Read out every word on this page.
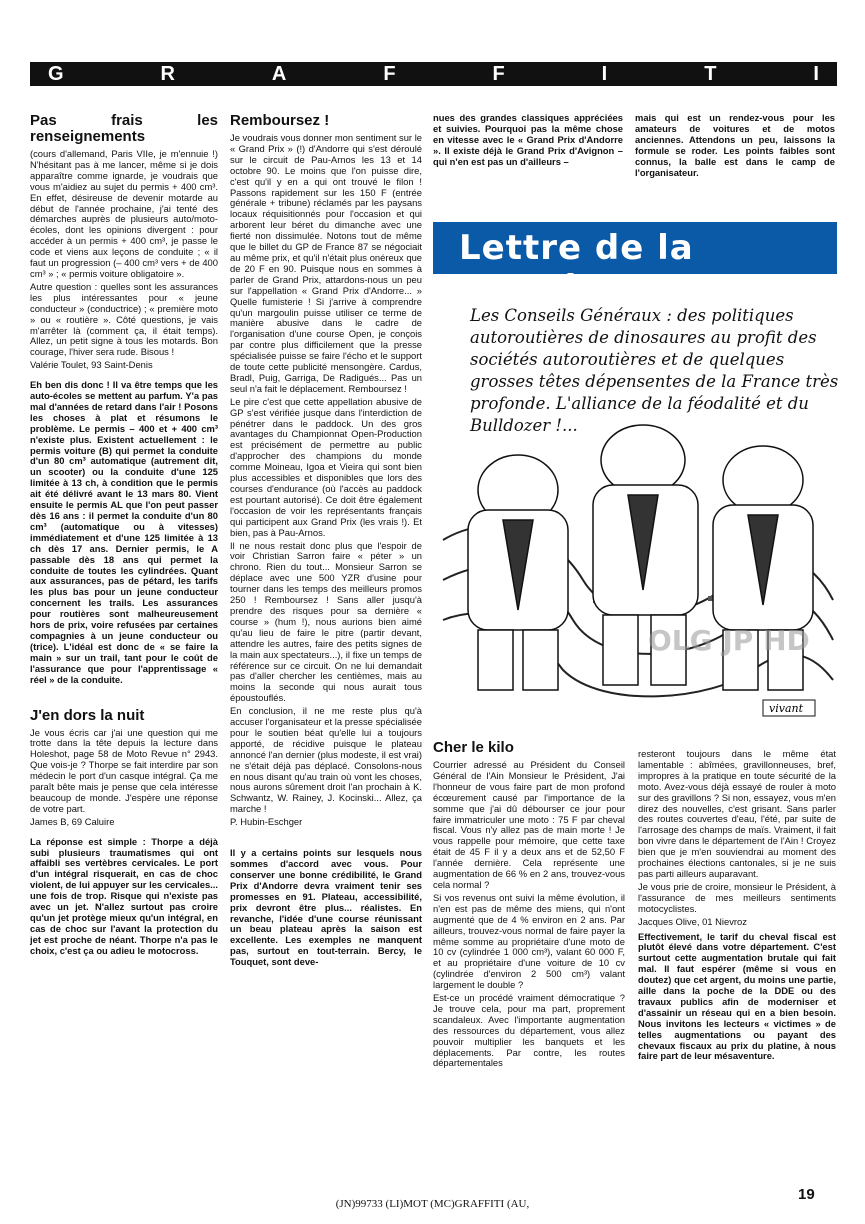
G	R	A	F	F	I	T	I
Pas frais les renseignements

(cours d'allemand, Paris VIIe, je m'ennuie !) N'hésitant pas à me lancer, même si je dois apparaître comme ignarde, je voudrais que vous m'aidiez au sujet du permis + 400 cm³. En effet, désireuse de devenir motarde au début de l'année prochaine, j'ai tenté des démarches auprès de plusieurs auto/moto-écoles, dont les opinions divergent : pour accéder à un permis + 400 cm³, je passe le code et viens aux leçons de conduite ; « il faut un progression (– 400 cm³ vers + de 400 cm³ » ; « permis voiture obligatoire ».

Autre question : quelles sont les assurances les plus intéressantes pour « jeune conducteur » (conductrice) ; « première moto » ou « routière ». Côté questions, je vais m'arrêter là (comment ça, il était temps). Allez, un petit signe à tous les motards. Bon courage, l'hiver sera rude. Bisous !

Valérie Toulet, 93 Saint-Denis

Eh ben dis donc ! Il va être temps que les auto-écoles se mettent au parfum. Y'a pas mal d'années de retard dans l'air ! Posons les choses à plat et résumons le problème. Le permis – 400 et + 400 cm³ n'existe plus. Existent actuellement : le permis voiture (B) qui permet la conduite d'un 80 cm³ automatique (autrement dit, un scooter) ou la conduite d'une 125 limitée à 13 ch, à condition que le permis ait été délivré avant le 13 mars 80. Vient ensuite le permis AL que l'on peut passer dès 16 ans : il permet la conduite d'un 80 cm³ (automatique ou à vitesses) immédiatement et d'une 125 limitée à 13 ch dès 17 ans. Dernier permis, le A passable dès 18 ans qui permet la conduite de toutes les cylindrées. Quant aux assurances, pas de pétard, les tarifs les plus bas pour un jeune conducteur concernent les trails. Les assurances pour routières sont malheureusement hors de prix, voire refusées par certaines compagnies à un jeune conducteur ou (trice). L'idéal est donc de « se faire la main » sur un trail, tant pour le coût de l'assurance que pour l'apprentissage « réel » de la conduite.

J'en dors la nuit

Je vous écris car j'ai une question qui me trotte dans la tête depuis la lecture dans Holeshot, page 58 de Moto Revue n° 2943. Que vois-je ? Thorpe se fait interdire par son médecin le port d'un casque intégral. Ça me paraît bête mais je pense que cela intéresse beaucoup de monde. J'espère une réponse de votre part.

James B, 69 Caluire

La réponse est simple : Thorpe a déjà subi plusieurs traumatismes qui ont affaibli ses vertèbres cervicales. Le port d'un intégral risquerait, en cas de choc violent, de lui appuyer sur les cervicales... une fois de trop. Risque qui n'existe pas avec un jet. N'allez surtout pas croire qu'un jet protège mieux qu'un intégral, en cas de choc sur l'avant la protection du jet est proche de néant. Thorpe n'a pas le choix, c'est ça ou adieu le motocross.

Remboursez !

Je voudrais vous donner mon sentiment sur le « Grand Prix » (!) d'Andorre qui s'est déroulé sur le circuit de Pau-Arnos les 13 et 14 octobre 90. Le moins que l'on puisse dire, c'est qu'il y en a qui ont trouvé le filon ! Passons rapidement sur les 150 F (entrée générale + tribune) réclamés par les paysans locaux réquisitionnés pour l'occasion et qui arborent leur béret du dimanche avec une fierté non dissimulée. Notons tout de même que le billet du GP de France 87 se négociait au même prix, et qu'il n'était plus onéreux que de 20 F en 90. Puisque nous en sommes à parler de Grand Prix, attardons-nous un peu sur l'appellation « Grand Prix d'Andorre... » Quelle fumisterie ! Si j'arrive à comprendre qu'un margoulin puisse utiliser ce terme de manière abusive dans le cadre de l'organisation d'une course Open, je conçois par contre plus difficilement que la presse spécialisée puisse se faire l'écho et le support de toute cette publicité mensongère. Cardus, Bradl, Puig, Garriga, De Radigués... Pas un seul n'a fait le déplacement. Remboursez !

Le pire c'est que cette appellation abusive de GP s'est vérifiée jusque dans l'interdiction de pénétrer dans le paddock. Un des gros avantages du Championnat Open-Production est précisément de permettre au public d'approcher des champions du monde comme Moineau, Igoa et Vieira qui sont bien plus accessibles et disponibles que lors des courses d'endurance (où l'accès au paddock est pourtant autorisé). Ce doit être également l'occasion de voir les représentants français qui participent aux Grand Prix (les vrais !). Et bien, pas à Pau-Arnos.

Il ne nous restait donc plus que l'espoir de voir Christian Sarron faire « péter » un chrono. Rien du tout... Monsieur Sarron se déplace avec une 500 YZR d'usine pour tourner dans les temps des meilleurs promos 250 ! Remboursez ! Sans aller jusqu'à prendre des risques pour sa dernière « course » (hum !), nous aurions bien aimé qu'au lieu de faire le pitre (partir devant, attendre les autres, faire des petits signes de la main aux spectateurs...), il fixe un temps de référence sur ce circuit. On ne lui demandait pas d'aller chercher les centièmes, mais au moins la seconde qui nous aurait tous époustouflés.

En conclusion, il ne me reste plus qu'à accuser l'organisateur et la presse spécialisée pour le soutien béat qu'elle lui a toujours apporté, de récidive puisque le plateau annoncé l'an dernier (plus modeste, il est vrai) ne s'était déjà pas déplacé. Consolons-nous en nous disant qu'au train où vont les choses, nous aurons sûrement droit l'an prochain à K. Schwantz, W. Rainey, J. Kocinski... Allez, ça marche !

P. Hubin-Eschger

Il y a certains points sur lesquels nous sommes d'accord avec vous. Pour conserver une bonne crédibilité, le Grand Prix d'Andorre devra vraiment tenir ses promesses en 91. Plateau, accessibilité, prix devront être plus... réalistes. En revanche, l'idée d'une course réunissant un beau plateau après la saison est excellente. Les exemples ne manquent pas, surtout en tout-terrain. Bercy, le Touquet, sont deve-

nues des grandes classiques appréciées et suivies. Pourquoi pas la même chose en vitesse avec le « Grand Prix d'Andorre ». Il existe déjà le Grand Prix d'Avignon – qui n'en est pas un d'ailleurs –

mais qui est un rendez-vous pour les amateurs de voitures et de motos anciennes. Attendons un peu, laissons la formule se roder. Les points faibles sont connus, la balle est dans le camp de l'organisateur.

Lettre de la semaine
OLG JP HD
vivant
Les Conseils Généraux : des politiques autoroutières de dinosaures au profit des sociétés autoroutières et de quelques grosses têtes dépensentes de la France très profonde. L'alliance de la féodalité et du Bulldozer !...
Cher le kilo

Courrier adressé au Président du Conseil Général de l'Ain Monsieur le Président, J'ai l'honneur de vous faire part de mon profond écœurement causé par l'importance de la somme que j'ai dû débourser ce jour pour faire immatriculer une moto : 75 F par cheval fiscal. Vous n'y allez pas de main morte ! Je vous rappelle pour mémoire, que cette taxe était de 45 F il y a deux ans et de 52,50 F l'année dernière. Cela représente une augmentation de 66 % en 2 ans, trouvez-vous cela normal ?

Si vos revenus ont suivi la même évolution, il n'en est pas de même des miens, qui n'ont augmenté que de 4 % environ en 2 ans. Par ailleurs, trouvez-vous normal de faire payer la même somme au propriétaire d'une moto de 10 cv (cylindrée 1 000 cm³), valant 60 000 F, et au propriétaire d'une voiture de 10 cv (cylindrée d'environ 2 500 cm³) valant largement le double ?

Est-ce un procédé vraiment démocratique ? Je trouve cela, pour ma part, proprement scandaleux. Avec l'importante augmentation des ressources du département, vous allez pouvoir multiplier les banquets et les déplacements. Par contre, les routes départementales

resteront toujours dans le même état lamentable : abîmées, gravillonneuses, bref, impropres à la pratique en toute sécurité de la moto. Avez-vous déjà essayé de rouler à moto sur des gravillons ? Si non, essayez, vous m'en direz des nouvelles, c'est grisant. Sans parler des routes couvertes d'eau, l'été, par suite de l'arrosage des champs de maïs. Vraiment, il fait bon vivre dans le département de l'Ain ! Croyez bien que je m'en souviendrai au moment des prochaines élections cantonales, si je ne suis pas parti ailleurs auparavant.

Je vous prie de croire, monsieur le Président, à l'assurance de mes meilleurs sentiments motocyclistes.

Jacques Olive, 01 Nievroz

Effectivement, le tarif du cheval fiscal est plutôt élevé dans votre département. C'est surtout cette augmentation brutale qui fait mal. Il faut espérer (même si vous en doutez) que cet argent, du moins une partie, aille dans la poche de la DDE ou des travaux publics afin de moderniser et d'assainir un réseau qui en a bien besoin. Nous invitons les lecteurs « victimes » de telles augmentations ou payant des chevaux fiscaux au prix du platine, à nous faire part de leur mésaventure.

19
(JN)99733 (LI)MOT (MC)GRAFFITI (AU,
